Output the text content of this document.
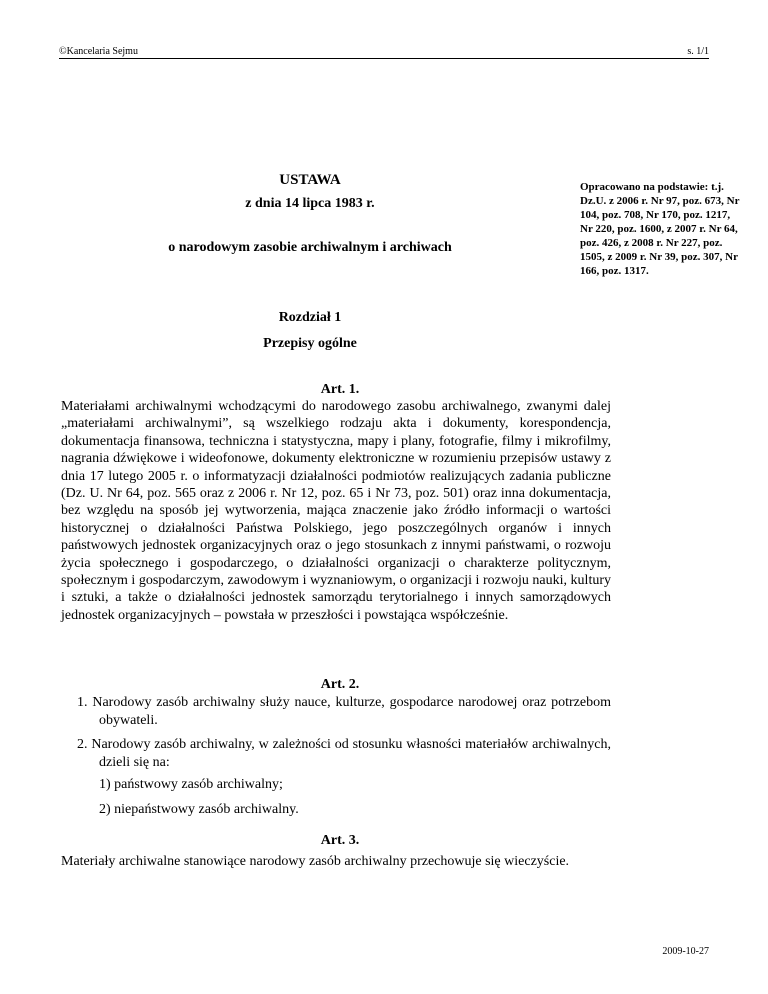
©Kancelaria Sejmu	s. 1/1
USTAWA
z dnia 14 lipca 1983 r.
o narodowym zasobie archiwalnym i archiwach
Opracowano na podstawie: t.j. Dz.U. z 2006 r. Nr 97, poz. 673, Nr 104, poz. 708, Nr 170, poz. 1217, Nr 220, poz. 1600, z 2007 r. Nr 64, poz. 426, z 2008 r. Nr 227, poz. 1505, z 2009 r. Nr 39, poz. 307, Nr 166, poz. 1317.
Rozdział 1
Przepisy ogólne
Art. 1.
Materiałami archiwalnymi wchodzącymi do narodowego zasobu archiwalnego, zwanymi dalej „materiałami archiwalnymi”, są wszelkiego rodzaju akta i dokumenty, korespondencja, dokumentacja finansowa, techniczna i statystyczna, mapy i plany, fotografie, filmy i mikrofilmy, nagrania dźwiękowe i wideofonowe, dokumenty elektroniczne w rozumieniu przepisów ustawy z dnia 17 lutego 2005 r. o informatyzacji działalności podmiotów realizujących zadania publiczne (Dz. U. Nr 64, poz. 565 oraz z 2006 r. Nr 12, poz. 65 i Nr 73, poz. 501) oraz inna dokumentacja, bez względu na sposób jej wytworzenia, mająca znaczenie jako źródło informacji o wartości historycznej o działalności Państwa Polskiego, jego poszczególnych organów i innych państwowych jednostek organizacyjnych oraz o jego stosunkach z innymi państwami, o rozwoju życia społecznego i gospodarczego, o działalności organizacji o charakterze politycznym, społecznym i gospodarczym, zawodowym i wyznaniowym, o organizacji i rozwoju nauki, kultury i sztuki, a także o działalności jednostek samorządu terytorialnego i innych samorządowych jednostek organizacyjnych – powstała w przeszłości i powstająca współcześnie.
Art. 2.
1. Narodowy zasób archiwalny służy nauce, kulturze, gospodarce narodowej oraz potrzebom obywateli.
2. Narodowy zasób archiwalny, w zależności od stosunku własności materiałów archiwalnych, dzieli się na:
1) państwowy zasób archiwalny;
2) niepaństwowy zasób archiwalny.
Art. 3.
Materiały archiwalne stanowiące narodowy zasób archiwalny przechowuje się wieczyście.
2009-10-27
